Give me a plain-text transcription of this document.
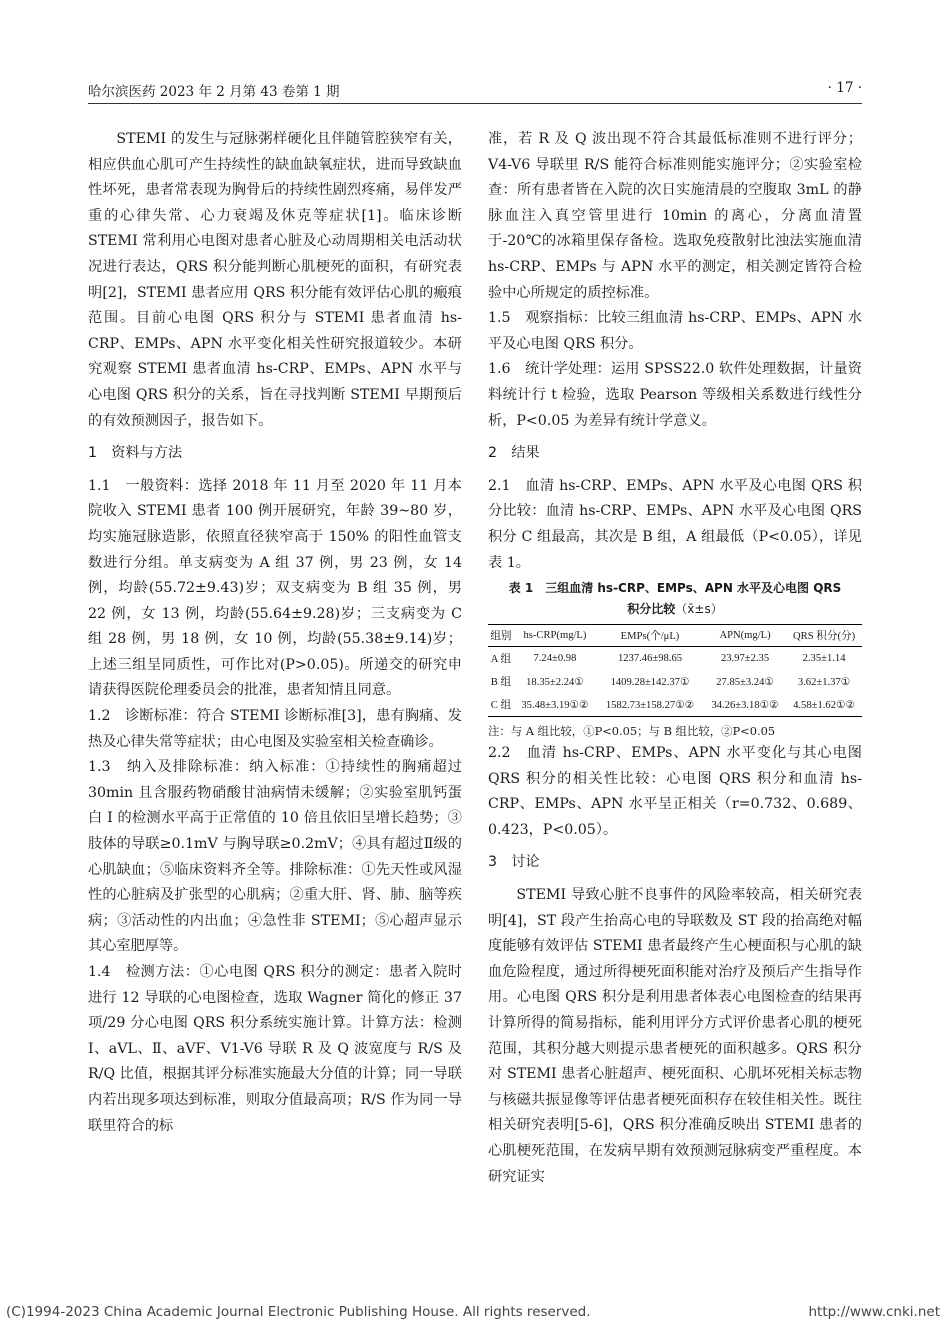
哈尔滨医药 2023 年 2 月第 43 卷第 1 期	· 17 ·

STEMI 的发生与冠脉粥样硬化且伴随管腔狭窄有关，相应供血心肌可产生持续性的缺血缺氧症状，进而导致缺血性坏死，患者常表现为胸骨后的持续性剧烈疼痛，易伴发严重的心律失常、心力衰竭及休克等症状[1]。临床诊断 STEMI 常利用心电图对患者心脏及心动周期相关电活动状况进行表达，QRS 积分能判断心肌梗死的面积，有研究表明[2]，STEMI 患者应用 QRS 积分能有效评估心肌的瘢痕范围。目前心电图 QRS 积分与 STEMI 患者血清 hs-CRP、EMPs、APN 水平变化相关性研究报道较少。本研究观察 STEMI 患者血清 hs-CRP、EMPs、APN 水平与心电图 QRS 积分的关系，旨在寻找判断 STEMI 早期预后的有效预测因子，报告如下。

1　资料与方法

1.1　一般资料：选择 2018 年 11 月至 2020 年 11 月本院收入 STEMI 患者 100 例开展研究，年龄 39~80 岁，均实施冠脉造影，依照直径狭窄高于 150% 的阳性血管支数进行分组。单支病变为 A 组 37 例，男 23 例，女 14 例，均龄(55.72±9.43)岁；双支病变为 B 组 35 例，男 22 例，女 13 例，均龄(55.64±9.28)岁；三支病变为 C 组 28 例，男 18 例，女 10 例，均龄(55.38±9.14)岁；上述三组呈同质性，可作比对(P>0.05)。所递交的研究申请获得医院伦理委员会的批准，患者知情且同意。

1.2　诊断标准：符合 STEMI 诊断标准[3]，患有胸痛、发热及心律失常等症状；由心电图及实验室相关检查确诊。

1.3　纳入及排除标准：纳入标准：①持续性的胸痛超过 30min 且含服药物硝酸甘油病情未缓解；②实验室肌钙蛋白 I 的检测水平高于正常值的 10 倍且依旧呈增长趋势；③肢体的导联≥0.1mV 与胸导联≥0.2mV；④具有超过Ⅱ级的心肌缺血；⑤临床资料齐全等。排除标准：①先天性或风湿性的心脏病及扩张型的心肌病；②重大肝、肾、肺、脑等疾病；③活动性的内出血；④急性非 STEMI；⑤心超声显示其心室肥厚等。

1.4　检测方法：①心电图 QRS 积分的测定：患者入院时进行 12 导联的心电图检查，选取 Wagner 简化的修正 37 项/29 分心电图 QRS 积分系统实施计算。计算方法：检测 Ⅰ、aVL、Ⅱ、aVF、V1-V6 导联 R 及 Q 波宽度与 R/S 及 R/Q 比值，根据其评分标准实施最大分值的计算；同一导联内若出现多项达到标准，则取分值最高项；R/S 作为同一导联里符合的标

准，若 R 及 Q 波出现不符合其最低标准则不进行评分；V4-V6 导联里 R/S 能符合标准则能实施评分；②实验室检查：所有患者皆在入院的次日实施清晨的空腹取 3mL 的静脉血注入真空管里进行 10min 的离心，分离血清置于-20℃的冰箱里保存备检。选取免疫散射比浊法实施血清 hs-CRP、EMPs 与 APN 水平的测定，相关测定皆符合检验中心所规定的质控标准。

1.5　观察指标：比较三组血清 hs-CRP、EMPs、APN 水平及心电图 QRS 积分。

1.6　统计学处理：运用 SPSS22.0 软件处理数据，计量资料统计行 t 检验，选取 Pearson 等级相关系数进行线性分析，P<0.05 为差异有统计学意义。

2　结果

2.1　血清 hs-CRP、EMPs、APN 水平及心电图 QRS 积分比较：血清 hs-CRP、EMPs、APN 水平及心电图 QRS 积分 C 组最高，其次是 B 组，A 组最低（P<0.05），详见表 1。

表 1　三组血清 hs-CRP、EMPs、APN 水平及心电图 QRS
积分比较（x̄±s）
组别	hs-CRP(mg/L)	EMPs(个/μL)	APN(mg/L)	QRS 积分(分)
A 组	7.24±0.98	1237.46±98.65	23.97±2.35	2.35±1.14
B 组	18.35±2.24①	1409.28±142.37①	27.85±3.24①	3.62±1.37①
C 组	35.48±3.19①②	1582.73±158.27①②	34.26±3.18①②	4.58±1.62①②
注：与 A 组比较，①P<0.05；与 B 组比较，②P<0.05

2.2　血清 hs-CRP、EMPs、APN 水平变化与其心电图 QRS 积分的相关性比较：心电图 QRS 积分和血清 hs-CRP、EMPs、APN 水平呈正相关（r=0.732、0.689、0.423，P<0.05）。

3　讨论

STEMI 导致心脏不良事件的风险率较高，相关研究表明[4]，ST 段产生抬高心电的导联数及 ST 段的抬高绝对幅度能够有效评估 STEMI 患者最终产生心梗面积与心肌的缺血危险程度，通过所得梗死面积能对治疗及预后产生指导作用。心电图 QRS 积分是利用患者体表心电图检查的结果再计算所得的简易指标，能利用评分方式评价患者心肌的梗死范围，其积分越大则提示患者梗死的面积越多。QRS 积分对 STEMI 患者心脏超声、梗死面积、心肌坏死相关标志物与核磁共振显像等评估患者梗死面积存在较佳相关性。既往相关研究表明[5-6]，QRS 积分准确反映出 STEMI 患者的心肌梗死范围，在发病早期有效预测冠脉病变严重程度。本研究证实

(C)1994-2023 China Academic Journal Electronic Publishing House. All rights reserved.	http://www.cnki.net
